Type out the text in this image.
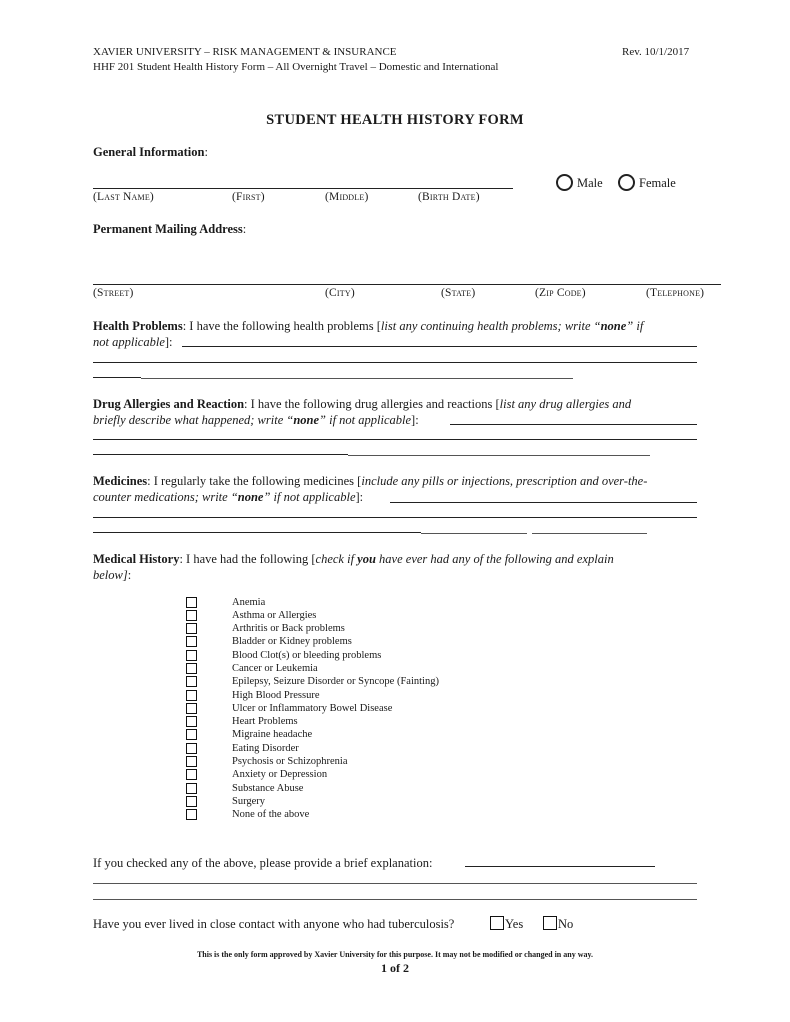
XAVIER UNIVERSITY – RISK MANAGEMENT & INSURANCE	Rev. 10/1/2017
HHF 201 Student Health History Form – All Overnight Travel – Domestic and International
STUDENT HEALTH HISTORY FORM
General Information:
(Last Name)	(First)	(Middle)	(Birth Date)
Male	Female
Permanent Mailing Address:
(Street)	(City)	(State)	(Zip Code)	(Telephone)
Health Problems: I have the following health problems [list any continuing health problems; write “none” if
not applicable]:
Drug Allergies and Reaction: I have the following drug allergies and reactions [list any drug allergies and
briefly describe what happened; write “none” if not applicable]:
Medicines: I regularly take the following medicines [include any pills or injections, prescription and over-the-
counter medications; write “none” if not applicable]:
Medical History: I have had the following [check if you have ever had any of the following and explain
below]:
Anemia
Asthma or Allergies
Arthritis or Back problems
Bladder or Kidney problems
Blood Clot(s) or bleeding problems
Cancer or Leukemia
Epilepsy, Seizure Disorder or Syncope (Fainting)
High Blood Pressure
Ulcer or Inflammatory Bowel Disease
Heart Problems
Migraine headache
Eating Disorder
Psychosis or Schizophrenia
Anxiety or Depression
Substance Abuse
Surgery
None of the above
If you checked any of the above, please provide a brief explanation:
Have you ever lived in close contact with anyone who had tuberculosis?	Yes	No
This is the only form approved by Xavier University for this purpose. It may not be modified or changed in any way.
1 of 2
